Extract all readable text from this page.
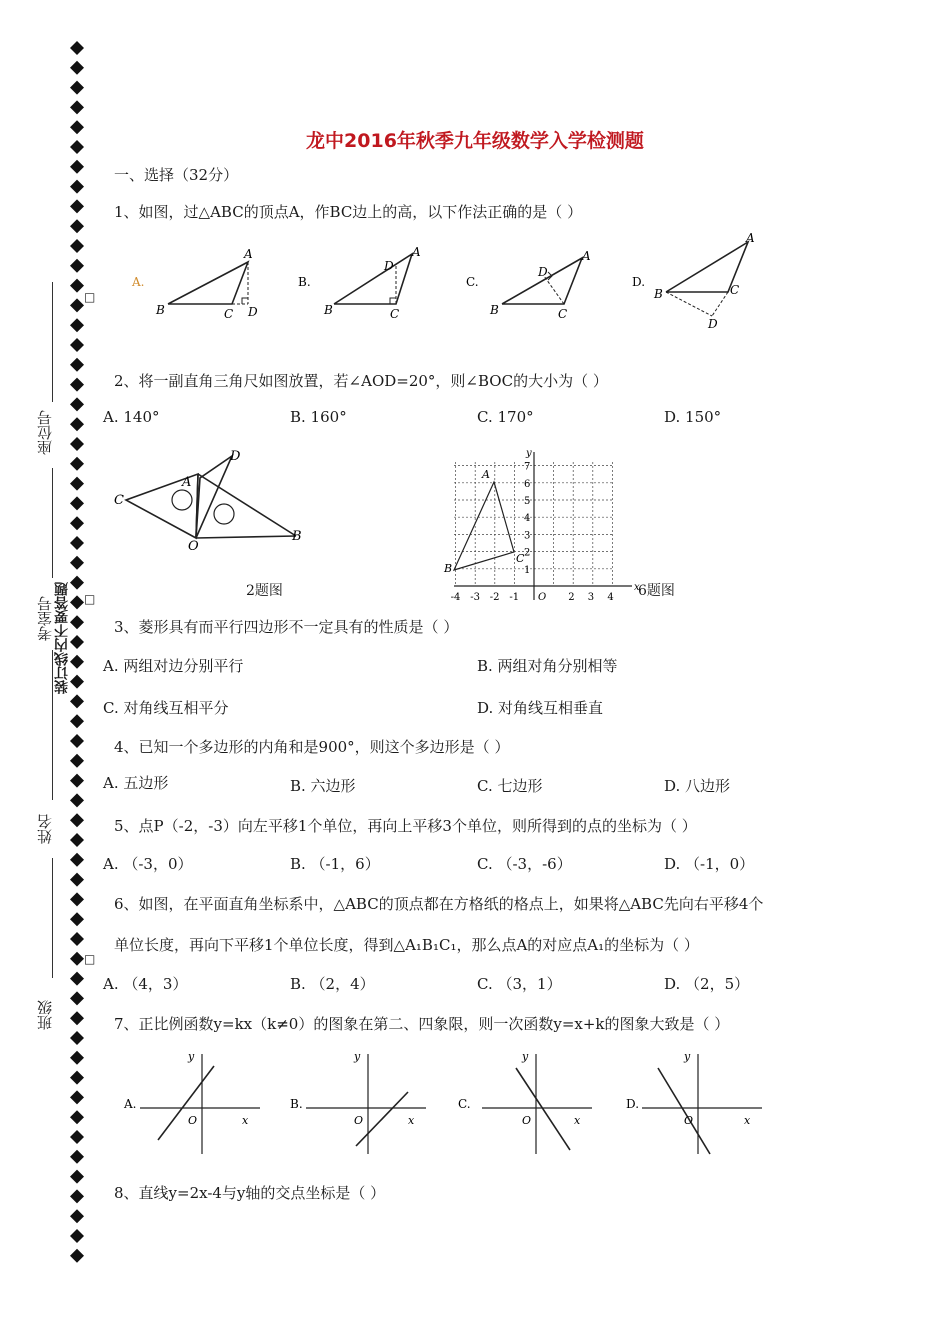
座位号
考室号
姓名
班级
装订线内不要答题
□
□
□
龙中2016年秋季九年级数学入学检测题
一、选择（32分）
1、如图，过△ABC的顶点A，作BC边上的高，以下作法正确的是（ ）
A.
A
B	C D
B.
A
D
B	C
C.
A
D
B	C
D.
A
B	C
D
2、将一副直角三角尺如图放置，若∠AOD=20°，则∠BOC的大小为（ ）
A. 140°	B. 160°	C. 170°	D. 150°
D
A
C
O
B
2题图	x
y
A
B
C
O
-4 -3 -2 -1	2 3 4
1
2
3
4
5
6
7
6题图
3、菱形具有而平行四边形不一定具有的性质是（ ）
A. 两组对边分别平行	B. 两组对角分别相等
C. 对角线互相平分	D. 对角线互相垂直
4、已知一个多边形的内角和是900°，则这个多边形是（ ）
A. 五边形	B. 六边形	C. 七边形	D. 八边形
5、点P（-2，-3）向左平移1个单位，再向上平移3个单位，则所得到的点的坐标为（ ）
A. （-3，0）	B. （-1，6）	C. （-3，-6）	D. （-1，0）
6、如图，在平面直角坐标系中，△ABC的顶点都在方格纸的格点上，如果将△ABC先向右平移4个
单位长度，再向下平移1个单位长度，得到△A₁B₁C₁，那么点A的对应点A₁的坐标为（ ）
A. （4，3）	B. （2，4）	C. （3，1）	D. （2，5）
7、正比例函数y=kx（k≠0）的图象在第二、四象限，则一次函数y=x+k的图象大致是（ ）
A.
y
x
O
B.
y
x
O
C.
y
x
O
D.
y
x
O
8、直线y=2x-4与y轴的交点坐标是（ ）
